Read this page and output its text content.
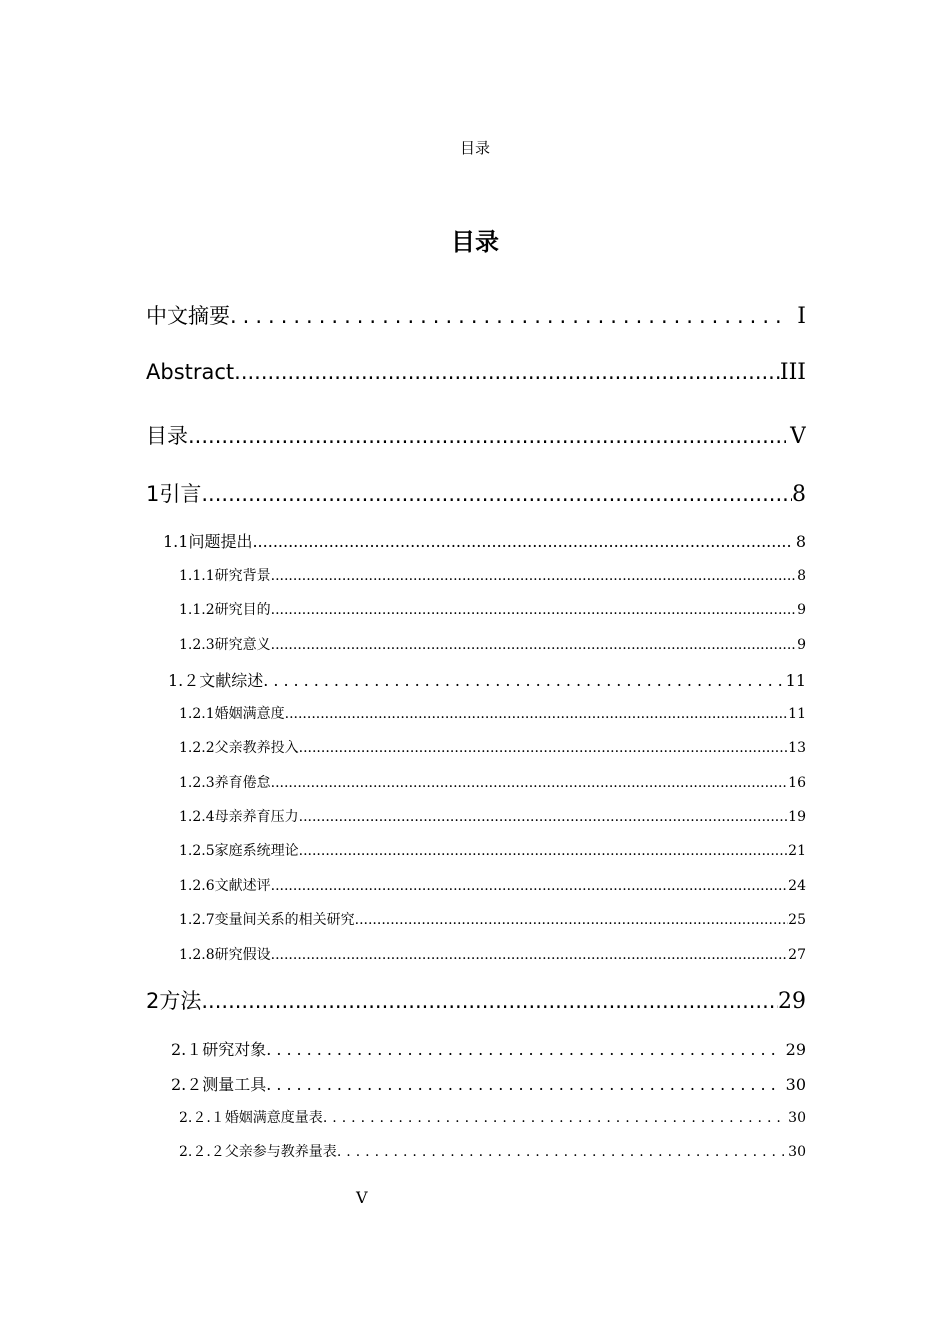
目录
目录
中文摘要 .....	Ⅰ
Abstract .....	III
目录 .....	V
1 引言 .....	8
1.1 问题提出 .....	8
1.1.1 研究背景 .....	8
1.1.2 研究目的 .....	9
1.2.3 研究意义 .....	9
1.２ 文献综述 .....	11
1.2.1 婚姻满意度 .....	11
1.2.2 父亲教养投入 .....	13
1.2.3 养育倦怠 .....	16
1.2.4 母亲养育压力 .....	19
1.2.5 家庭系统理论 .....	21
1.2.6 文献述评 .....	24
1.2.7 变量间关系的相关研究 .....	25
1.2.8 研究假设 .....	27
2 方法 .....	29
2.１ 研究对象 .....	29
2.２ 测量工具 .....	30
2.２.１ 婚姻满意度量表 .....	30
2.２.２ 父亲参与教养量表 .....	30
V
